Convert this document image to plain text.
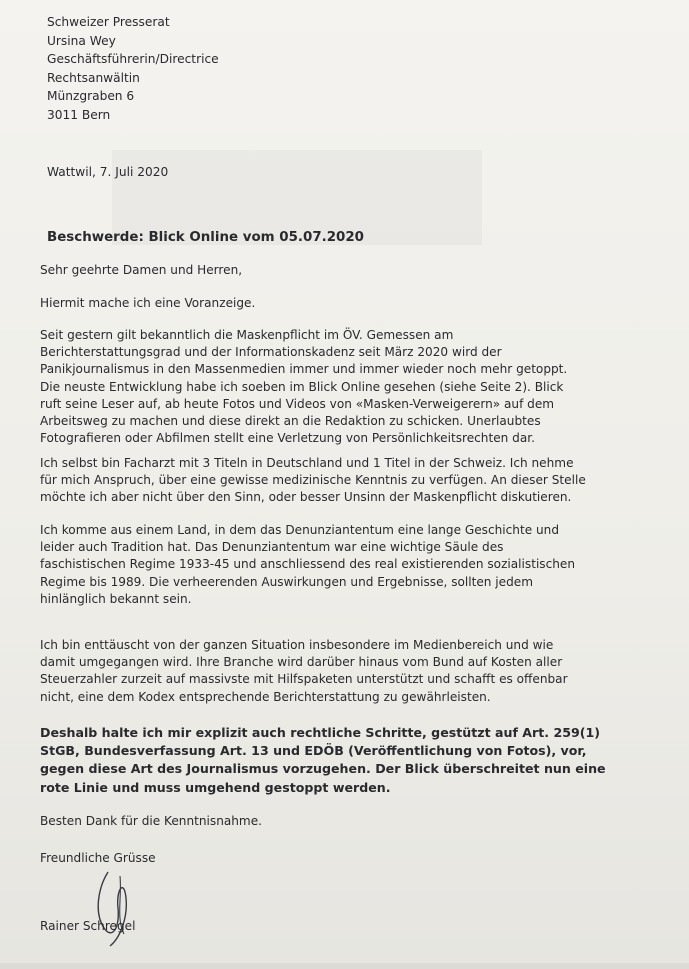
Schweizer Presserat
Ursina Wey
Geschäftsführerin/Directrice
Rechtsanwältin
Münzgraben 6
3011 Bern
Wattwil, 7. Juli 2020
Beschwerde: Blick Online vom 05.07.2020
Sehr geehrte Damen und Herren,
Hiermit mache ich eine Voranzeige.
Seit gestern gilt bekanntlich die Maskenpflicht im ÖV. Gemessen am
Berichterstattungsgrad und der Informationskadenz seit März 2020 wird der
Panikjournalismus in den Massenmedien immer und immer wieder noch mehr getoppt.
Die neuste Entwicklung habe ich soeben im Blick Online gesehen (siehe Seite 2). Blick
ruft seine Leser auf, ab heute Fotos und Videos von «Masken-Verweigerern» auf dem
Arbeitsweg zu machen und diese direkt an die Redaktion zu schicken. Unerlaubtes
Fotografieren oder Abfilmen stellt eine Verletzung von Persönlichkeitsrechten dar.
Ich selbst bin Facharzt mit 3 Titeln in Deutschland und 1 Titel in der Schweiz. Ich nehme
für mich Anspruch, über eine gewisse medizinische Kenntnis zu verfügen. An dieser Stelle
möchte ich aber nicht über den Sinn, oder besser Unsinn der Maskenpflicht diskutieren.
Ich komme aus einem Land, in dem das Denunziantentum eine lange Geschichte und
leider auch Tradition hat. Das Denunziantentum war eine wichtige Säule des
faschistischen Regime 1933-45 und anschliessend des real existierenden sozialistischen
Regime bis 1989. Die verheerenden Auswirkungen und Ergebnisse, sollten jedem
hinlänglich bekannt sein.
Ich bin enttäuscht von der ganzen Situation insbesondere im Medienbereich und wie
damit umgegangen wird. Ihre Branche wird darüber hinaus vom Bund auf Kosten aller
Steuerzahler zurzeit auf massivste mit Hilfspaketen unterstützt und schafft es offenbar
nicht, eine dem Kodex entsprechende Berichterstattung zu gewährleisten.
Deshalb halte ich mir explizit auch rechtliche Schritte, gestützt auf Art. 259(1)
StGB, Bundesverfassung Art. 13 und EDÖB (Veröffentlichung von Fotos), vor,
gegen diese Art des Journalismus vorzugehen. Der Blick überschreitet nun eine
rote Linie und muss umgehend gestoppt werden.
Besten Dank für die Kenntnisnahme.
Freundliche Grüsse
Rainer Schregel
